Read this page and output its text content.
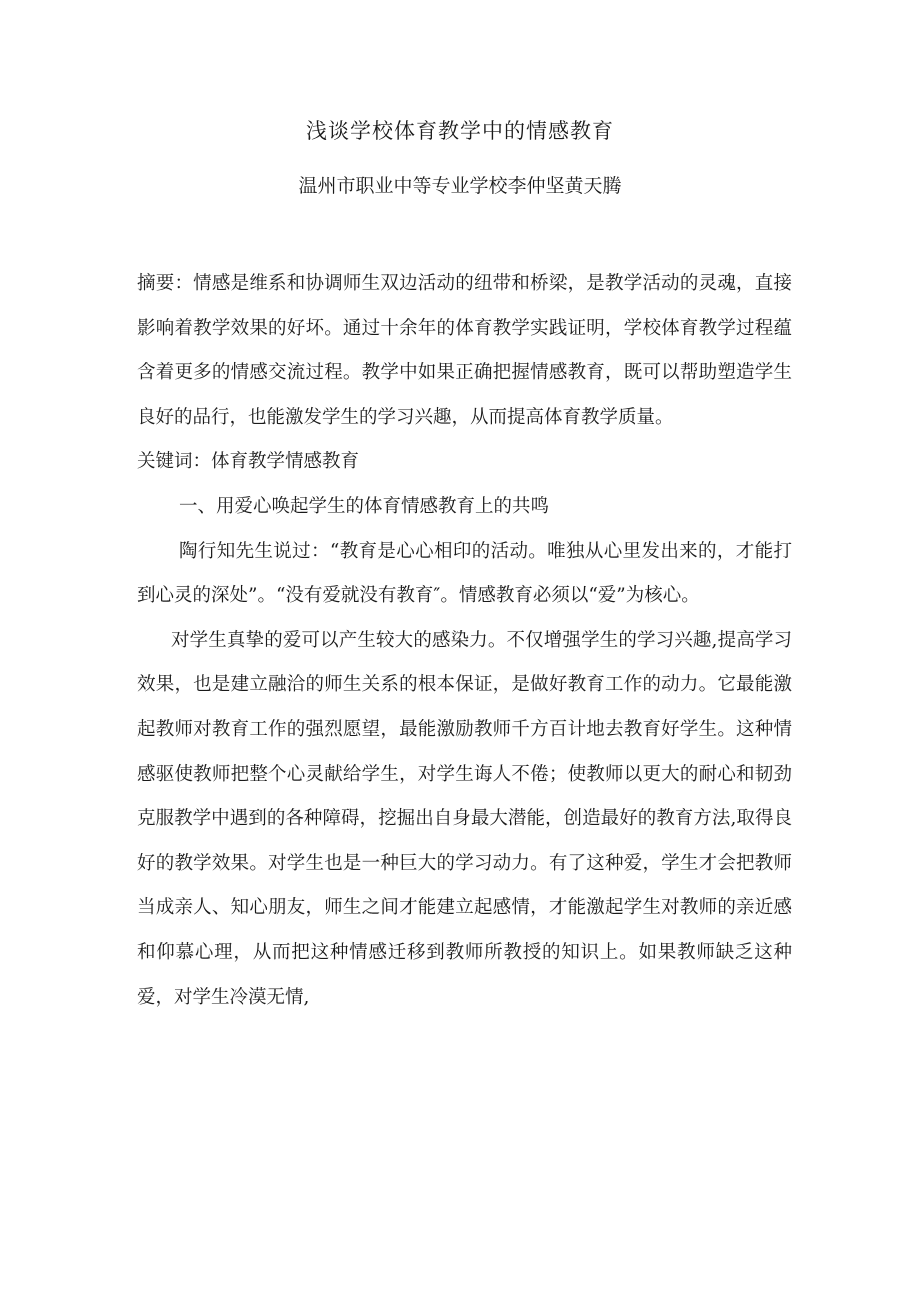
浅谈学校体育教学中的情感教育
温州市职业中等专业学校李仲坚黄天腾

摘要：情感是维系和协调师生双边活动的纽带和桥梁，是教学活动的灵魂，直接影响着教学效果的好坏。通过十余年的体育教学实践证明，学校体育教学过程蕴含着更多的情感交流过程。教学中如果正确把握情感教育，既可以帮助塑造学生良好的品行，也能激发学生的学习兴趣，从而提高体育教学质量。

关键词：体育教学情感教育

一、用爱心唤起学生的体育情感教育上的共鸣

陶行知先生说过：“教育是心心相印的活动。唯独从心里发出来的，才能打到心灵的深处”。“没有爱就没有教育″。情感教育必须以“爱”为核心。

对学生真挚的爱可以产生较大的感染力。不仅增强学生的学习兴趣,提高学习效果，也是建立融洽的师生关系的根本保证，是做好教育工作的动力。它最能激起教师对教育工作的强烈愿望，最能激励教师千方百计地去教育好学生。这种情感驱使教师把整个心灵献给学生，对学生诲人不倦；使教师以更大的耐心和韧劲克服教学中遇到的各种障碍，挖掘出自身最大潜能，创造最好的教育方法,取得良好的教学效果。对学生也是一种巨大的学习动力。有了这种爱，学生才会把教师当成亲人、知心朋友，师生之间才能建立起感情，才能激起学生对教师的亲近感和仰慕心理，从而把这种情感迁移到教师所教授的知识上。如果教师缺乏这种爱，对学生冷漠无情,
